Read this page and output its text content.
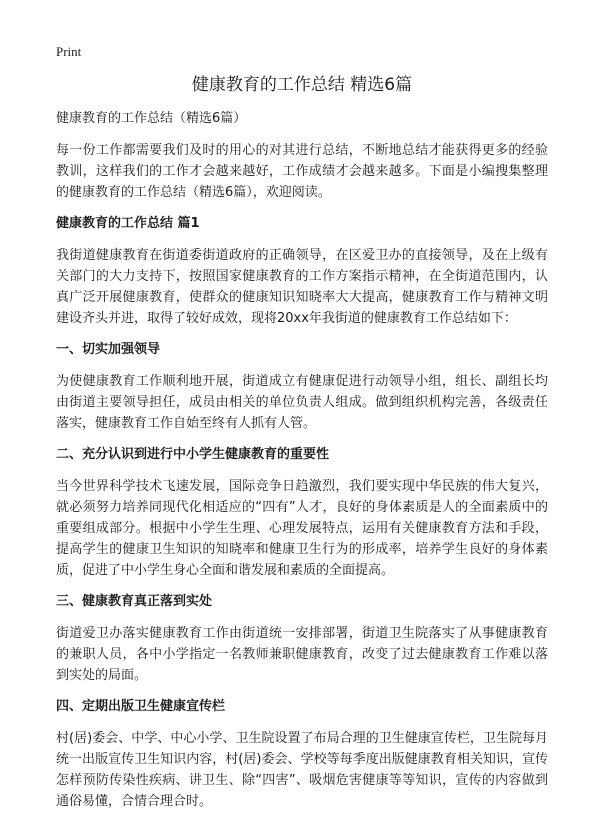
Print
健康教育的工作总结 精选6篇
健康教育的工作总结（精选6篇）

每一份工作都需要我们及时的用心的对其进行总结，不断地总结才能获得更多的经验教训，这样我们的工作才会越来越好，工作成绩才会越来越多。下面是小编搜集整理的健康教育的工作总结（精选6篇），欢迎阅读。

健康教育的工作总结 篇1

我街道健康教育在街道委街道政府的正确领导，在区爱卫办的直接领导，及在上级有关部门的大力支持下，按照国家健康教育的工作方案指示精神，在全街道范围内，认真广泛开展健康教育，使群众的健康知识知晓率大大提高，健康教育工作与精神文明建设齐头并进，取得了较好成效，现将20xx年我街道的健康教育工作总结如下：

一、切实加强领导

为使健康教育工作顺利地开展，街道成立有健康促进行动领导小组，组长、副组长均由街道主要领导担任，成员由相关的单位负责人组成。做到组织机构完善，各级责任落实，健康教育工作自始至终有人抓有人管。

二、充分认识到进行中小学生健康教育的重要性

当今世界科学技术飞速发展，国际竞争日趋激烈，我们要实现中华民族的伟大复兴，就必须努力培养同现代化相适应的“四有”人才，良好的身体素质是人的全面素质中的重要组成部分。根据中小学生生理、心理发展特点，运用有关健康教育方法和手段，提高学生的健康卫生知识的知晓率和健康卫生行为的形成率，培养学生良好的身体素质，促进了中小学生身心全面和谐发展和素质的全面提高。

三、健康教育真正落到实处

街道爱卫办落实健康教育工作由街道统一安排部署，街道卫生院落实了从事健康教育的兼职人员，各中小学指定一名教师兼职健康教育，改变了过去健康教育工作难以落到实处的局面。

四、定期出版卫生健康宣传栏

村(居)委会、中学、中心小学、卫生院设置了布局合理的卫生健康宣传栏，卫生院每月统一出版宣传卫生知识内容，村(居)委会、学校等每季度出版健康教育相关知识，宣传怎样预防传染性疾病、讲卫生、除“四害”、吸烟危害健康等等知识，宣传的内容做到通俗易懂，合情合理合时。
